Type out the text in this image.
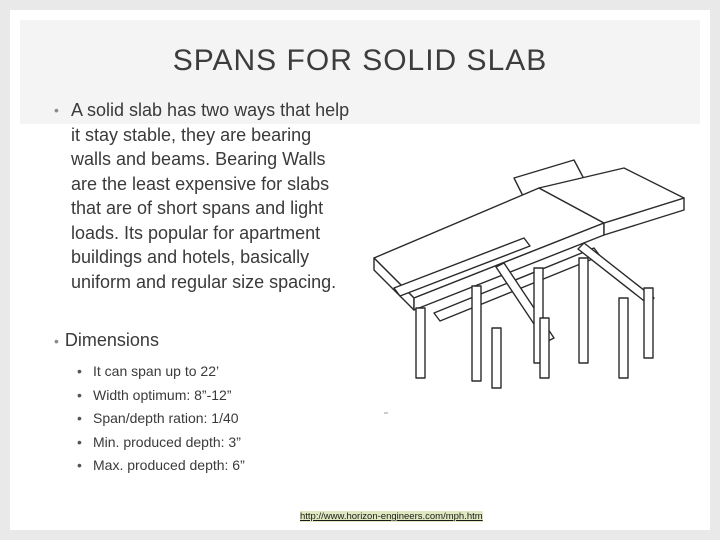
SPANS FOR SOLID SLAB
• A solid slab has two ways that help it stay stable, they are bearing walls and beams. Bearing Walls are the least expensive for slabs that are of short spans and light loads. Its popular for apartment buildings and hotels, basically uniform and regular size spacing.
• Dimensions
• It can span up to 22’
• Width optimum: 8”-12”
• Span/depth ration: 1/40
• Min. produced depth: 3”
• Max. produced depth: 6”
http://www.horizon-engineers.com/mph.htm
